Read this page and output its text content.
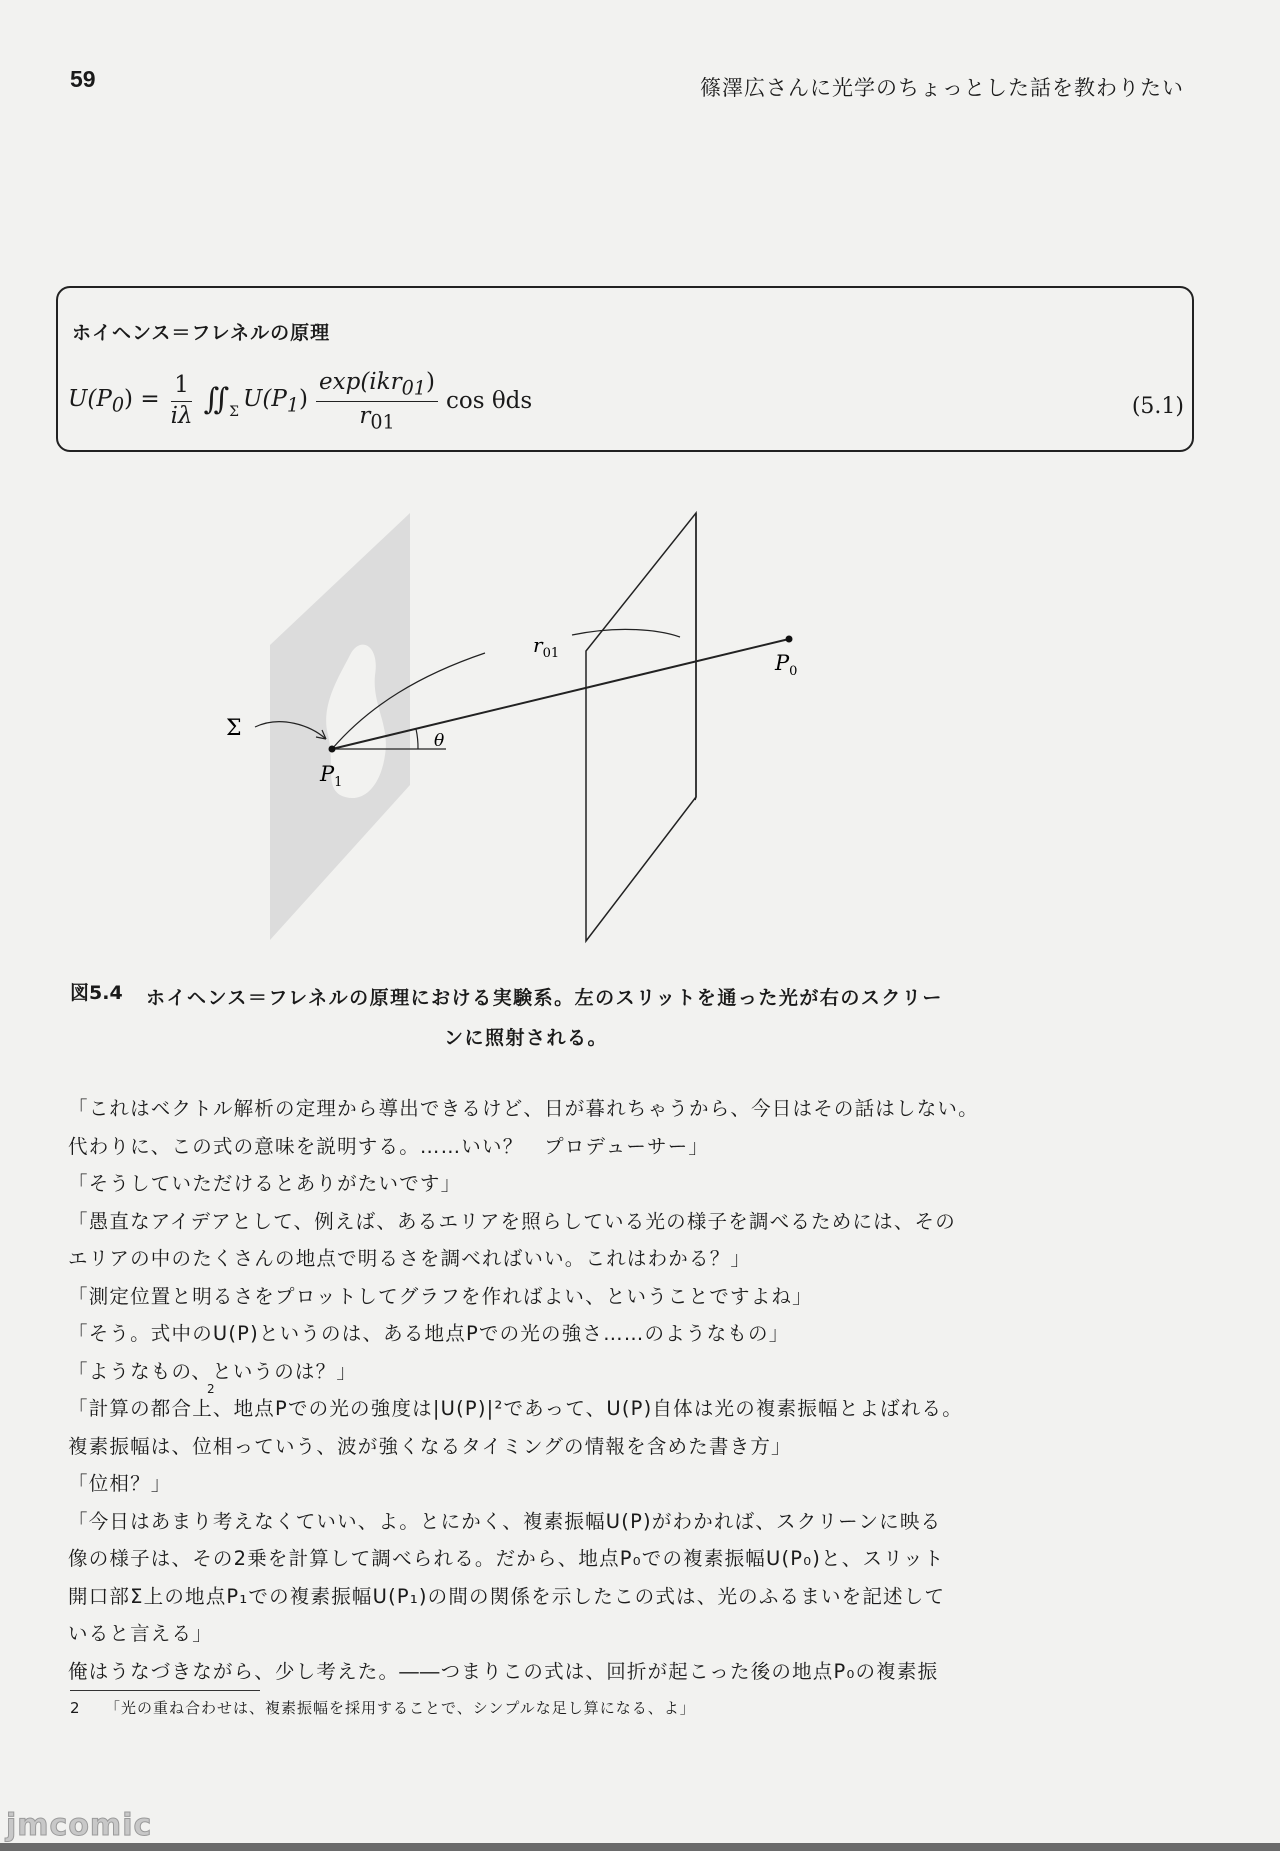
59	篠澤広さんに光学のちょっとした話を教わりたい
ホイヘンス＝フレネルの原理
$U(P_0) = \frac{1}{i\lambda}$ $∬_\Sigma$
$U(P_1) \frac{\exp(ikr_{01})}{r_{01}}$ cos θds	(5.1)
Σ
$r_{01}$	$P_0$
$P_1$
θ
図5.4 ホイヘンス＝フレネルの原理における実験系。左のスリットを通った光が右のスクリー
ンに照射される。

「これはベクトル解析の定理から導出できるけど、日が暮れちゃうから、今日はその話はしない。

代わりに、この式の意味を説明する。……いい？　プロデューサー」

「そうしていただけるとありがたいです」

「愚直なアイデアとして、例えば、あるエリアを照らしている光の様子を調べるためには、その

エリアの中のたくさんの地点で明るさを調べればいい。これはわかる？」

「測定位置と明るさをプロットしてグラフを作ればよい、ということですよね」

「そう。式中のU(P)というのは、ある地点Pでの光の強さ……のようなもの」

「ようなもの、というのは？」

「計算の都合上、地点Pでの光の強度は|U(P)|²であって、U(P)自体は光の複素振幅とよばれる。

複素振幅は、位相っていう、波が強くなるタイミングの情報を含めた書き方」

「位相？」

「今日はあまり考えなくていい、よ。とにかく、複素振幅U(P)がわかれば、スクリーンに映る

像の様子は、その2乗を計算して調べられる。だから、地点P₀での複素振幅U(P₀)と、スリット

開口部Σ上の地点P₁での複素振幅U(P₁)の間の関係を示したこの式は、光のふるまいを記述して

いると言える」

俺はうなづきながら、少し考えた。――つまりこの式は、回折が起こった後の地点P₀の複素振

2
2　　「光の重ね合わせは、複素振幅を採用することで、シンプルな足し算になる、よ」
jmcomic
